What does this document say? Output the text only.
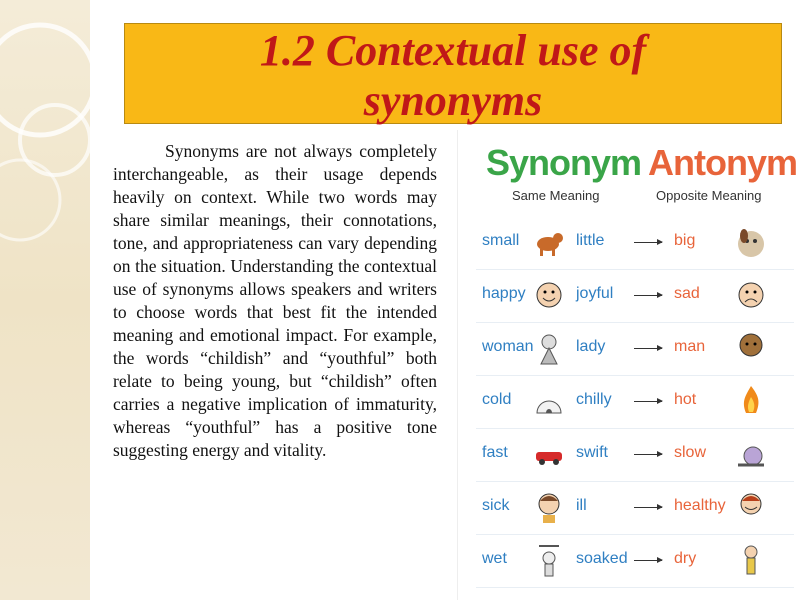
1.2 Contextual use of
synonyms

Synonyms are not always completely interchangeable, as their usage depends heavily on context. While two words may share similar meanings, their connotations, tone, and appropriateness can vary depending on the situation. Understanding the contextual use of synonyms allows speakers and writers to choose words that best fit the intended meaning and emotional impact. For example, the words “childish” and “youthful” both relate to being young, but “childish” often carries a negative implication of immaturity, whereas “youthful” has a positive tone suggesting energy and vitality.

Synonym Antonym
Same Meaning	Opposite Meaning
small	little	big
happy	joyful	sad
woman	lady	man
cold	chilly	hot
fast	swift	slow
sick	ill	healthy
wet	soaked	dry
